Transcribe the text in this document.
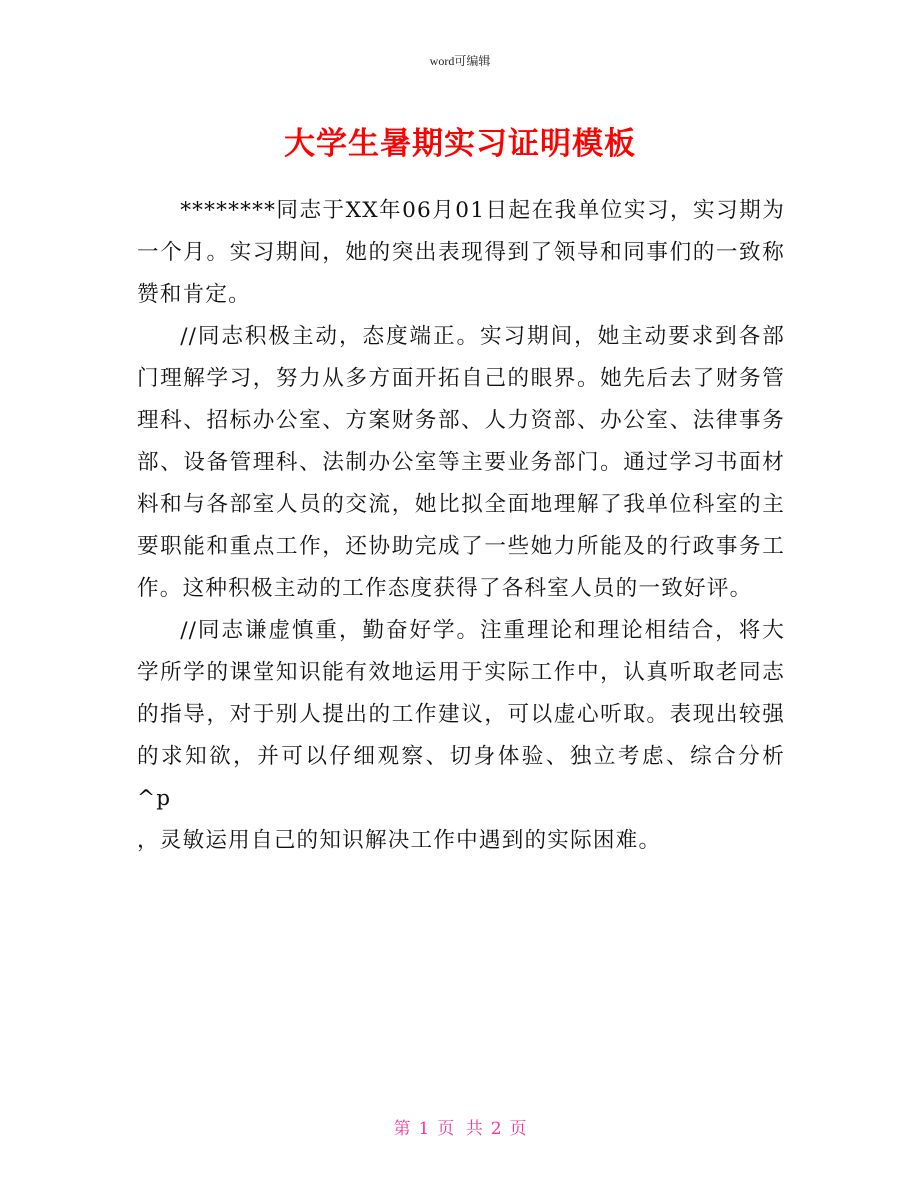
word可编辑
大学生暑期实习证明模板

********同志于XX年06月01日起在我单位实习，实习期为一个月。实习期间，她的突出表现得到了领导和同事们的一致称赞和肯定。

//同志积极主动，态度端正。实习期间，她主动要求到各部门理解学习，努力从多方面开拓自己的眼界。她先后去了财务管理科、招标办公室、方案财务部、人力资部、办公室、法律事务部、设备管理科、法制办公室等主要业务部门。通过学习书面材料和与各部室人员的交流，她比拟全面地理解了我单位科室的主要职能和重点工作，还协助完成了一些她力所能及的行政事务工作。这种积极主动的工作态度获得了各科室人员的一致好评。

//同志谦虚慎重，勤奋好学。注重理论和理论相结合，将大学所学的课堂知识能有效地运用于实际工作中，认真听取老同志的指导，对于别人提出的工作建议，可以虚心听取。表现出较强的求知欲，并可以仔细观察、切身体验、独立考虑、综合分析^p

，灵敏运用自己的知识解决工作中遇到的实际困难。

第 1 页 共 2 页
